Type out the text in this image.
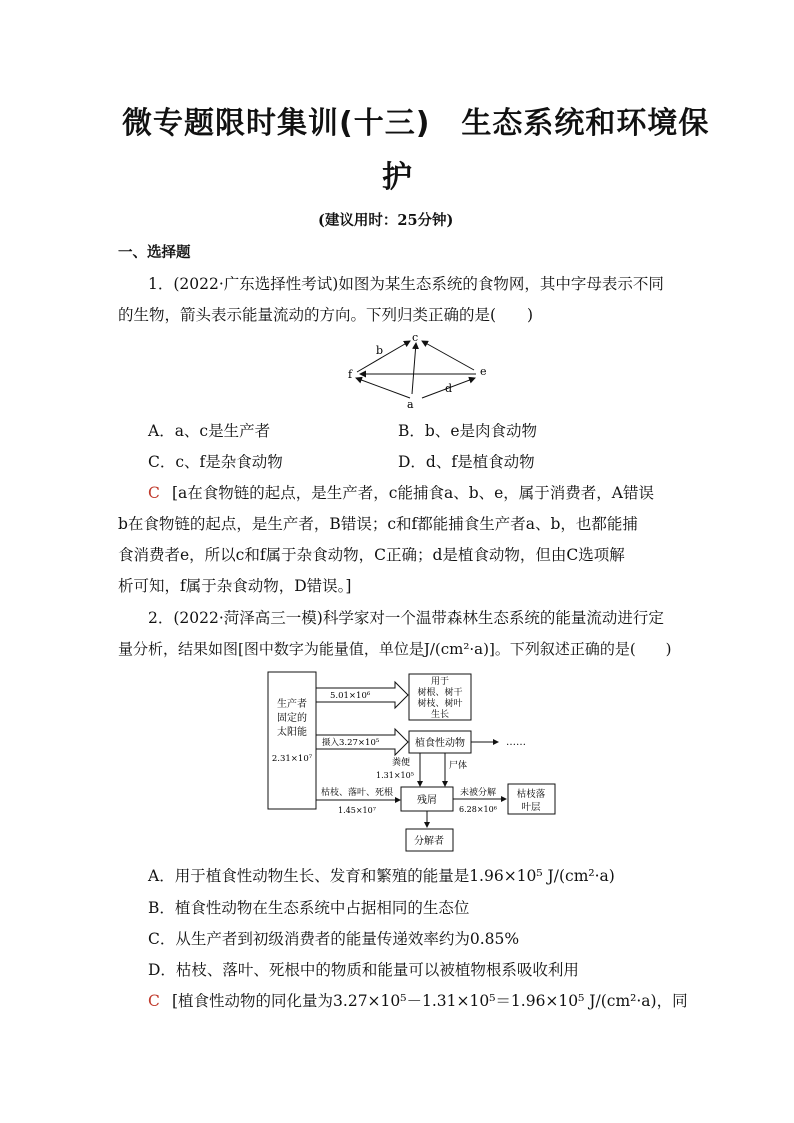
微专题限时集训(十三)　生态系统和环境保
护
(建议用时：25分钟)
一、选择题
1．(2022·广东选择性考试)如图为某生态系统的食物网，其中字母表示不同
的生物，箭头表示能量流动的方向。下列归类正确的是(　　)
c
b
f	e
d
a
A．a、c是生产者	B．b、e是肉食动物
C．c、f是杂食动物	D．d、f是植食动物
C [a在食物链的起点，是生产者，c能捕食a、b、e，属于消费者，A错误
b在食物链的起点，是生产者，B错误；c和f都能捕食生产者a、b，也都能捕
食消费者e，所以c和f属于杂食动物，C正确；d是植食动物，但由C选项解
析可知，f属于杂食动物，D错误。]
2．(2022·菏泽高三一模)科学家对一个温带森林生态系统的能量流动进行定
量分析，结果如图[图中数字为能量值，单位是J/(cm²·a)]。下列叙述正确的是(　　)
生产者
固定的
太阳能
2.31×10⁷
5.01×10⁶
用于
树根、树干
树枝、树叶
生长
摄入3.27×10⁵	植食性动物	……
粪便
1.31×10⁵
尸体
枯枝、落叶、死根
1.45×10⁷
残屑
未被分解
6.28×10⁶
枯枝落
叶层
分解者
A．用于植食性动物生长、发育和繁殖的能量是1.96×10⁵ J/(cm²·a)
B．植食性动物在生态系统中占据相同的生态位
C．从生产者到初级消费者的能量传递效率约为0.85%
D．枯枝、落叶、死根中的物质和能量可以被植物根系吸收利用
C [植食性动物的同化量为3.27×10⁵－1.31×10⁵＝1.96×10⁵ J/(cm²·a)，同
